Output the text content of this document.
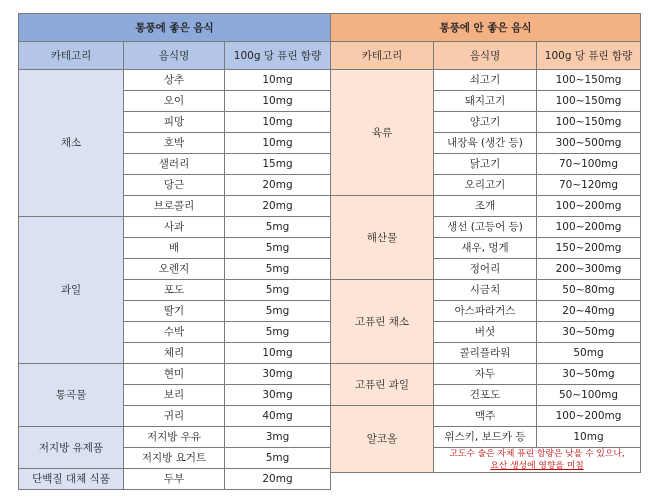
통풍에 좋은 음식		
카테고리	음식명	100g 당 퓨린 함량
채소	상추	10mg
	오이	10mg
	피망	10mg
	호박	10mg
	샐러리	15mg
	당근	20mg
	브로콜리	20mg
과일	사과	5mg
	배	5mg
	오렌지	5mg
	포도	5mg
	딸기	5mg
	수박	5mg
	체리	10mg
통곡물	현미	30mg
	보리	30mg
	귀리	40mg
저지방 유제품	저지방 우유	3mg
	저지방 요거트	5mg
단백질 대체 식품	두부	20mg
통풍에 안 좋은 음식		
카테고리	음식명	100g 당 퓨린 함량
육류	쇠고기	100~150mg
	돼지고기	100~150mg
	양고기	100~150mg
	내장육 (생간 등)	300~500mg
	닭고기	70~100mg
	오리고기	70~120mg
해산물	조개	100~200mg
	생선 (고등어 등)	100~200mg
	새우, 멍게	150~200mg
	정어리	200~300mg
고퓨린 채소	시금치	50~80mg
	아스파라거스	20~40mg
	버섯	30~50mg
	콜리플라워	50mg
고퓨린 과일	자두	30~50mg
	건포도	50~100mg
알코올	맥주	100~200mg
	위스키, 보드카 등	10mg

	고도수 술은 자체 퓨린 함량은 낮을 수 있으나,
요산 생성에 영향을 미침	
